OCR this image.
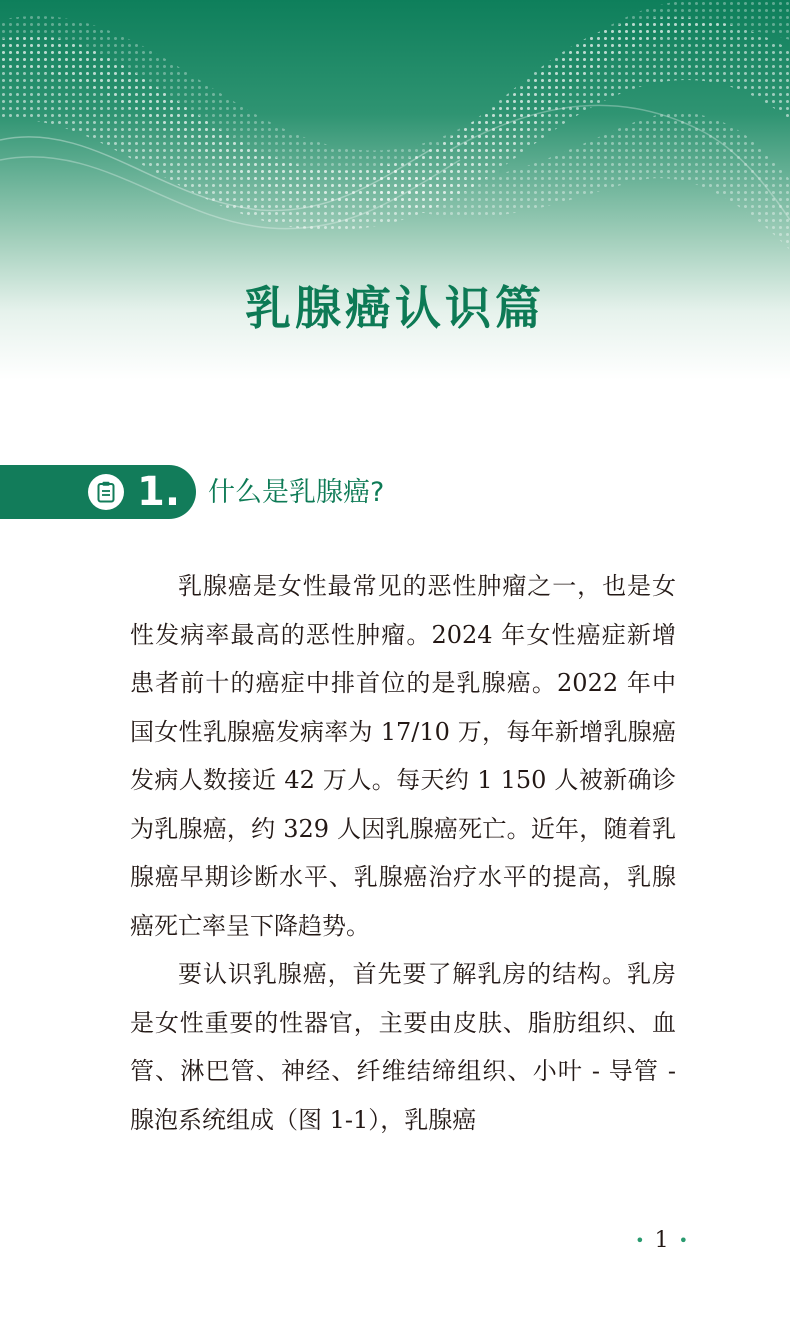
乳腺癌认识篇
1. 什么是乳腺癌?

乳腺癌是女性最常见的恶性肿瘤之一，也是女性发病率最高的恶性肿瘤。2024 年女性癌症新增患者前十的癌症中排首位的是乳腺癌。2022 年中国女性乳腺癌发病率为 17/10 万，每年新增乳腺癌发病人数接近 42 万人。每天约 1 150 人被新确诊为乳腺癌，约 329 人因乳腺癌死亡。近年，随着乳腺癌早期诊断水平、乳腺癌治疗水平的提高，乳腺癌死亡率呈下降趋势。

要认识乳腺癌，首先要了解乳房的结构。乳房是女性重要的性器官，主要由皮肤、脂肪组织、血管、淋巴管、神经、纤维结缔组织、小叶 - 导管 - 腺泡系统组成（图 1-1），乳腺癌

• 1 •
